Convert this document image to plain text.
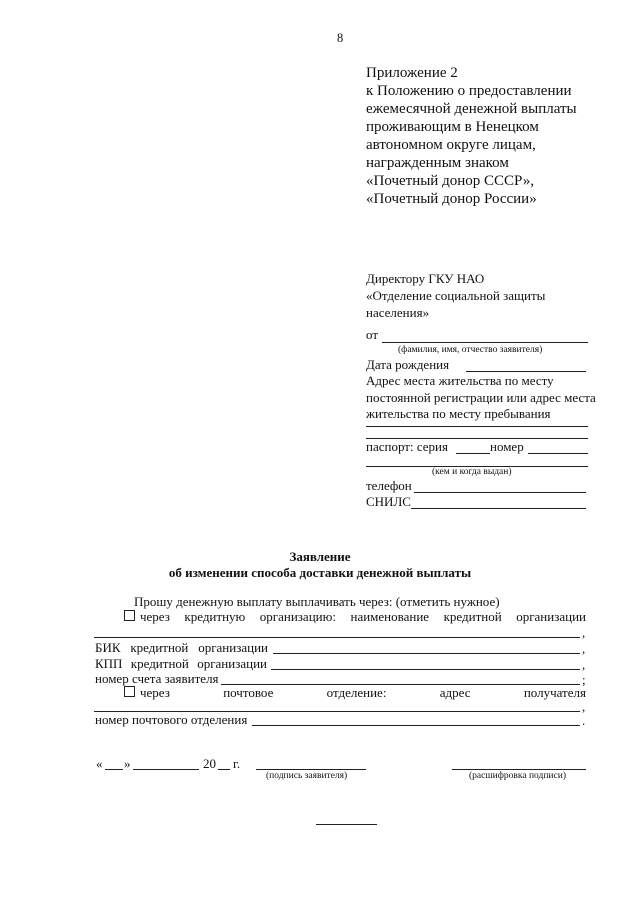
8
Приложение 2
к Положению о предоставлении
ежемесячной денежной выплаты
проживающим в Ненецком
автономном округе лицам,
награжденным знаком
«Почетный донор СССР»,
«Почетный донор России»
Директору ГКУ НАО
«Отделение социальной защиты
населения»
от
(фамилия, имя, отчество заявителя)
Дата рождения
Адрес места жительства по месту
постоянной регистрации или адрес места
жительства по месту пребывания
паспорт: серия	номер
(кем и когда выдан)
телефон
СНИЛС
Заявление
об изменении способа доставки денежной выплаты
Прошу денежную выплату выплачивать через: (отметить нужное)
через кредитную организацию: наименование кредитной организации
,
БИК кредитной организации	,
КПП кредитной организации	,
номер счета заявителя	;
через	почтовое	отделение:	адрес	получателя
,
номер почтового отделения	.
« »	20 г.
(подпись заявителя)	(расшифровка подписи)
